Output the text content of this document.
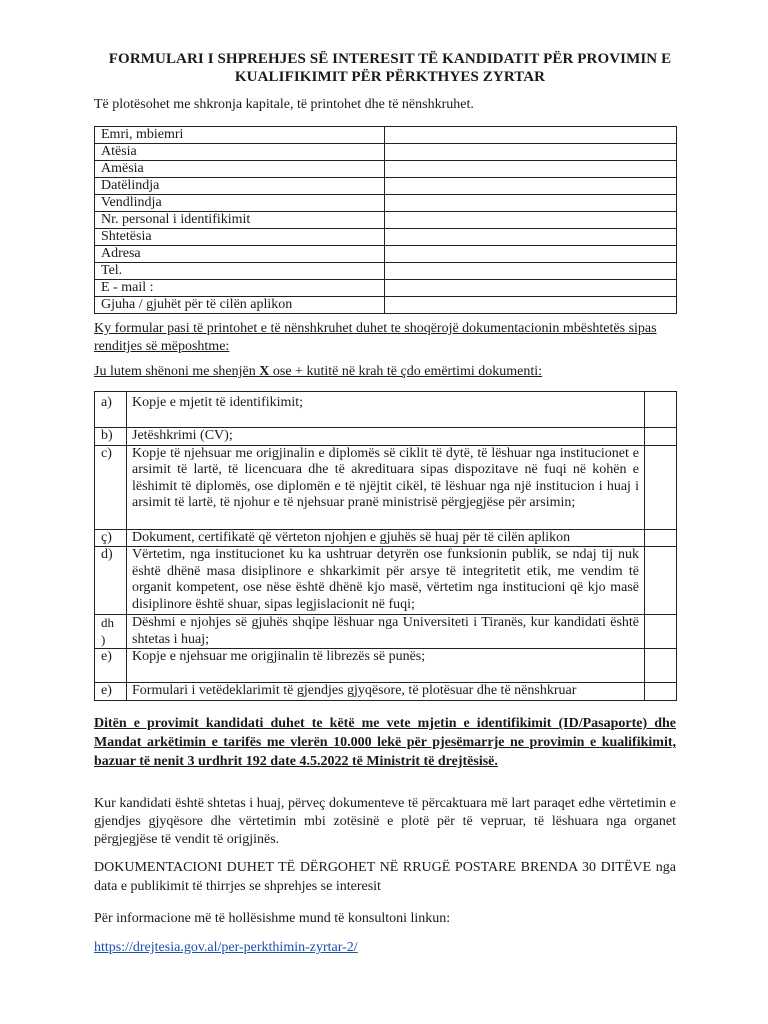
FORMULARI I SHPREHJES SË INTERESIT TË KANDIDATIT PËR PROVIMIN E KUALIFIKIMIT PËR PËRKTHYES ZYRTAR
Të plotësohet me shkronja kapitale, të printohet dhe të nënshkruhet.
Emri, mbiemri	
Atësia	
Amësia	
Datëlindja	
Vendlindja	
Nr. personal i identifikimit	
Shtetësia	
Adresa	
Tel.	
E - mail :	
Gjuha / gjuhët për të cilën aplikon	
Ky formular pasi të printohet e të nënshkruhet duhet te shoqërojë dokumentacionin mbështetës sipas renditjes së mëposhtme:
Ju lutem shënoni me shenjën X ose + kutitë në krah të çdo emërtimi dokumenti:
a)	Kopje e mjetit të identifikimit;	
b)	Jetëshkrimi (CV);	
c)	Kopje të njehsuar me origjinalin e diplomës së ciklit të dytë, të lëshuar nga institucionet e arsimit të lartë, të licencuara dhe të akredituara sipas dispozitave në fuqi në kohën e lëshimit të diplomës, ose diplomën e të njëjtit cikël, të lëshuar nga një institucion i huaj i arsimit të lartë, të njohur e të njehsuar pranë ministrisë përgjegjëse për arsimin;	
ç)	Dokument, certifikatë që vërteton njohjen e gjuhës së huaj për të cilën aplikon	
d)	Vërtetim, nga institucionet ku ka ushtruar detyrën ose funksionin publik, se ndaj tij nuk është dhënë masa disiplinore e shkarkimit për arsye të integritetit etik, me vendim të organit kompetent, ose nëse është dhënë kjo masë, vërtetim nga institucioni që kjo masë disiplinore është shuar, sipas legjislacionit në fuqi;	
dh )	Dëshmi e njohjes së gjuhës shqipe lëshuar nga Universiteti i Tiranës, kur kandidati është shtetas i huaj;	
e)	Kopje e njehsuar me origjinalin të librezës së punës;	
e)	Formulari i vetëdeklarimit të gjendjes gjyqësore, të plotësuar dhe të nënshkruar	
Ditën e provimit kandidati duhet te këtë me vete mjetin e identifikimit (ID/Pasaporte) dhe Mandat arkëtimin e tarifës me vlerën 10.000 lekë për pjesëmarrje ne provimin e kualifikimit, bazuar të nenit 3 urdhrit 192 date 4.5.2022 të Ministrit të drejtësisë.
Kur kandidati është shtetas i huaj, përveç dokumenteve të përcaktuara më lart paraqet edhe vërtetimin e gjendjes gjyqësore dhe vërtetimin mbi zotësinë e plotë për të vepruar, të lëshuara nga organet përgjegjëse të vendit të origjinës.
DOKUMENTACIONI DUHET TË DËRGOHET NË RRUGË POSTARE BRENDA 30 DITËVE nga data e publikimit të thirrjes se shprehjes se interesit
Për informacione më të hollësishme mund të konsultoni linkun:
https://drejtesia.gov.al/per-perkthimin-zyrtar-2/
